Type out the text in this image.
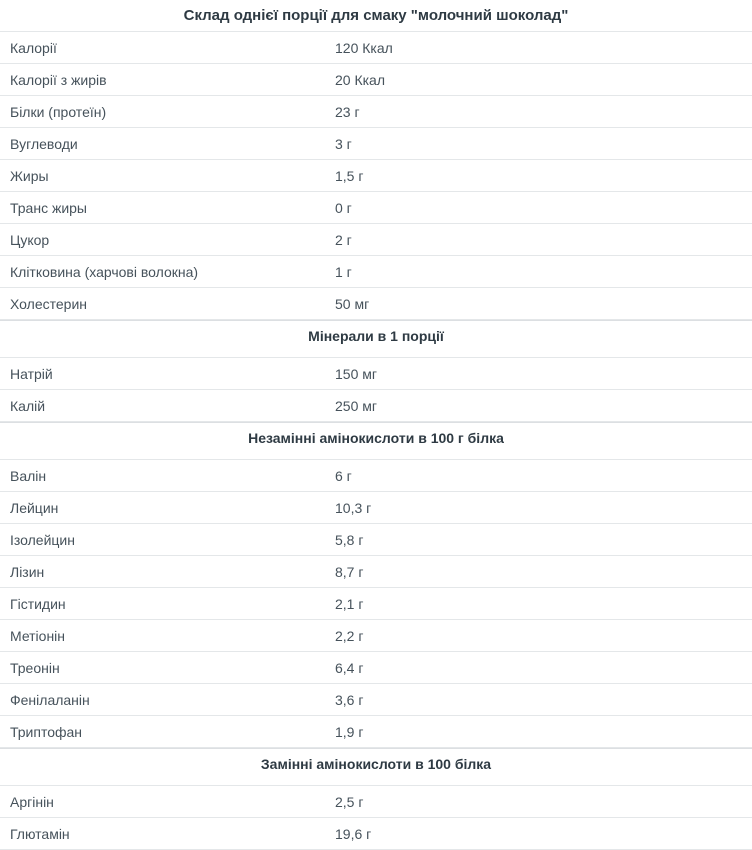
Склад однієї порції для смаку "молочний шоколад"
Калорії	120 Ккал
Калорії з жирів	20 Ккал
Білки (протеїн)	23 г
Вуглеводи	3 г
Жиры	1,5 г
Транс жиры	0 г
Цукор	2 г
Клітковина (харчові волокна)	1 г
Холестерин	50 мг
Мінерали в 1 порції
Натрій	150 мг
Калій	250 мг
Незамінні амінокислоти в 100 г білка
Валін	6 г
Лейцин	10,3 г
Ізолейцин	5,8 г
Лізин	8,7 г
Гістидин	2,1 г
Метіонін	2,2 г
Треонін	6,4 г
Фенілаланін	3,6 г
Триптофан	1,9 г
Замінні амінокислоти в 100 білка
Аргінін	2,5 г
Глютамін	19,6 г
